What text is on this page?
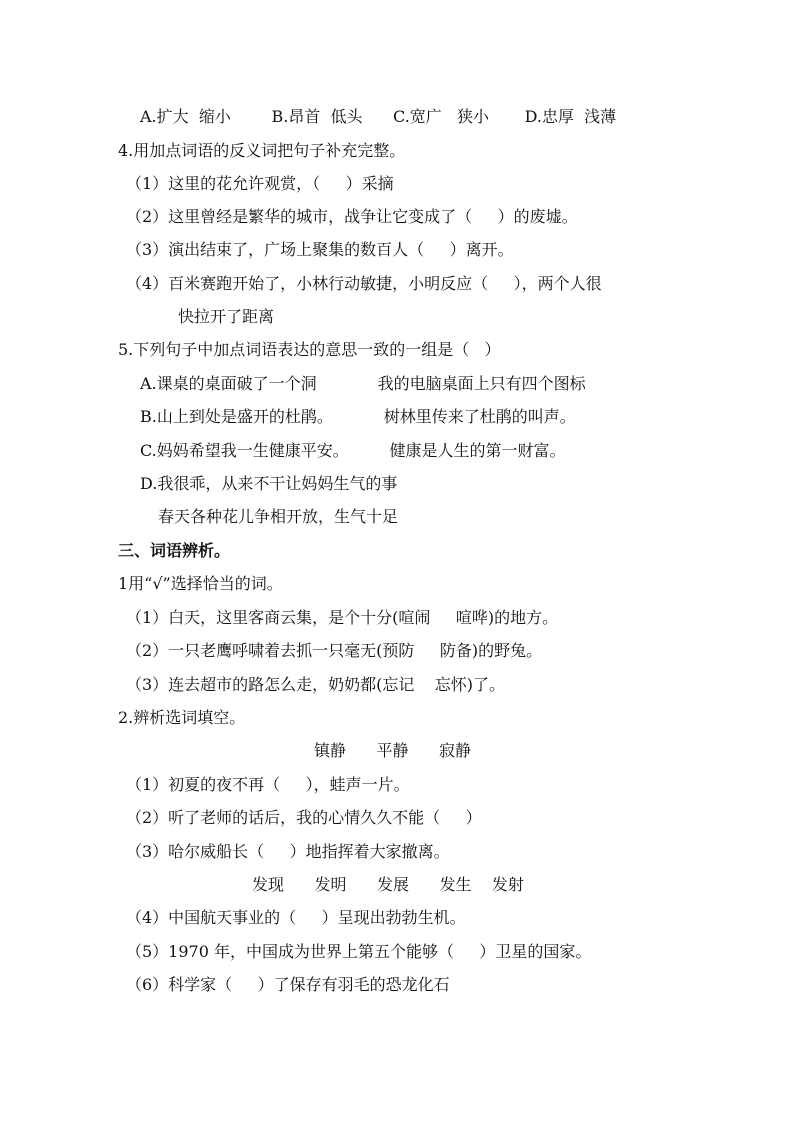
A.扩大  缩小        B.昂首  低头      C.宽广   狭小       D.忠厚  浅薄
4.用加点词语的反义词把句子补充完整。
（1）这里的花允许观赏，（     ）采摘
（2）这里曾经是繁华的城市，战争让它变成了（     ）的废墟。
（3）演出结束了，广场上聚集的数百人（     ）离开。
（4）百米赛跑开始了，小林行动敏捷，小明反应（     ），两个人很
快拉开了距离
5.下列句子中加点词语表达的意思一致的一组是（   ）
A.课桌的桌面破了一个洞            我的电脑桌面上只有四个图标
B.山上到处是盛开的杜鹃。          树林里传来了杜鹃的叫声。
C.妈妈希望我一生健康平安。        健康是人生的第一财富。
D.我很乖，从来不干让妈妈生气的事
春天各种花儿争相开放，生气十足
三、词语辨析。
1用“√”选择恰当的词。
（1）白天，这里客商云集，是个十分(喧闹     喧哗)的地方。
（2）一只老鹰呼啸着去抓一只毫无(预防     防备)的野兔。
（3）连去超市的路怎么走，奶奶都(忘记    忘怀)了。
2.辨析选词填空。
镇静      平静      寂静
（1）初夏的夜不再（     ），蛙声一片。
（2）听了老师的话后，我的心情久久不能（     ）
（3）哈尔威船长（     ）地指挥着大家撤离。
发现      发明      发展      发生    发射
（4）中国航天事业的（     ）呈现出勃勃生机。
（5）1970 年，中国成为世界上第五个能够（     ）卫星的国家。
（6）科学家（     ）了保存有羽毛的恐龙化石
